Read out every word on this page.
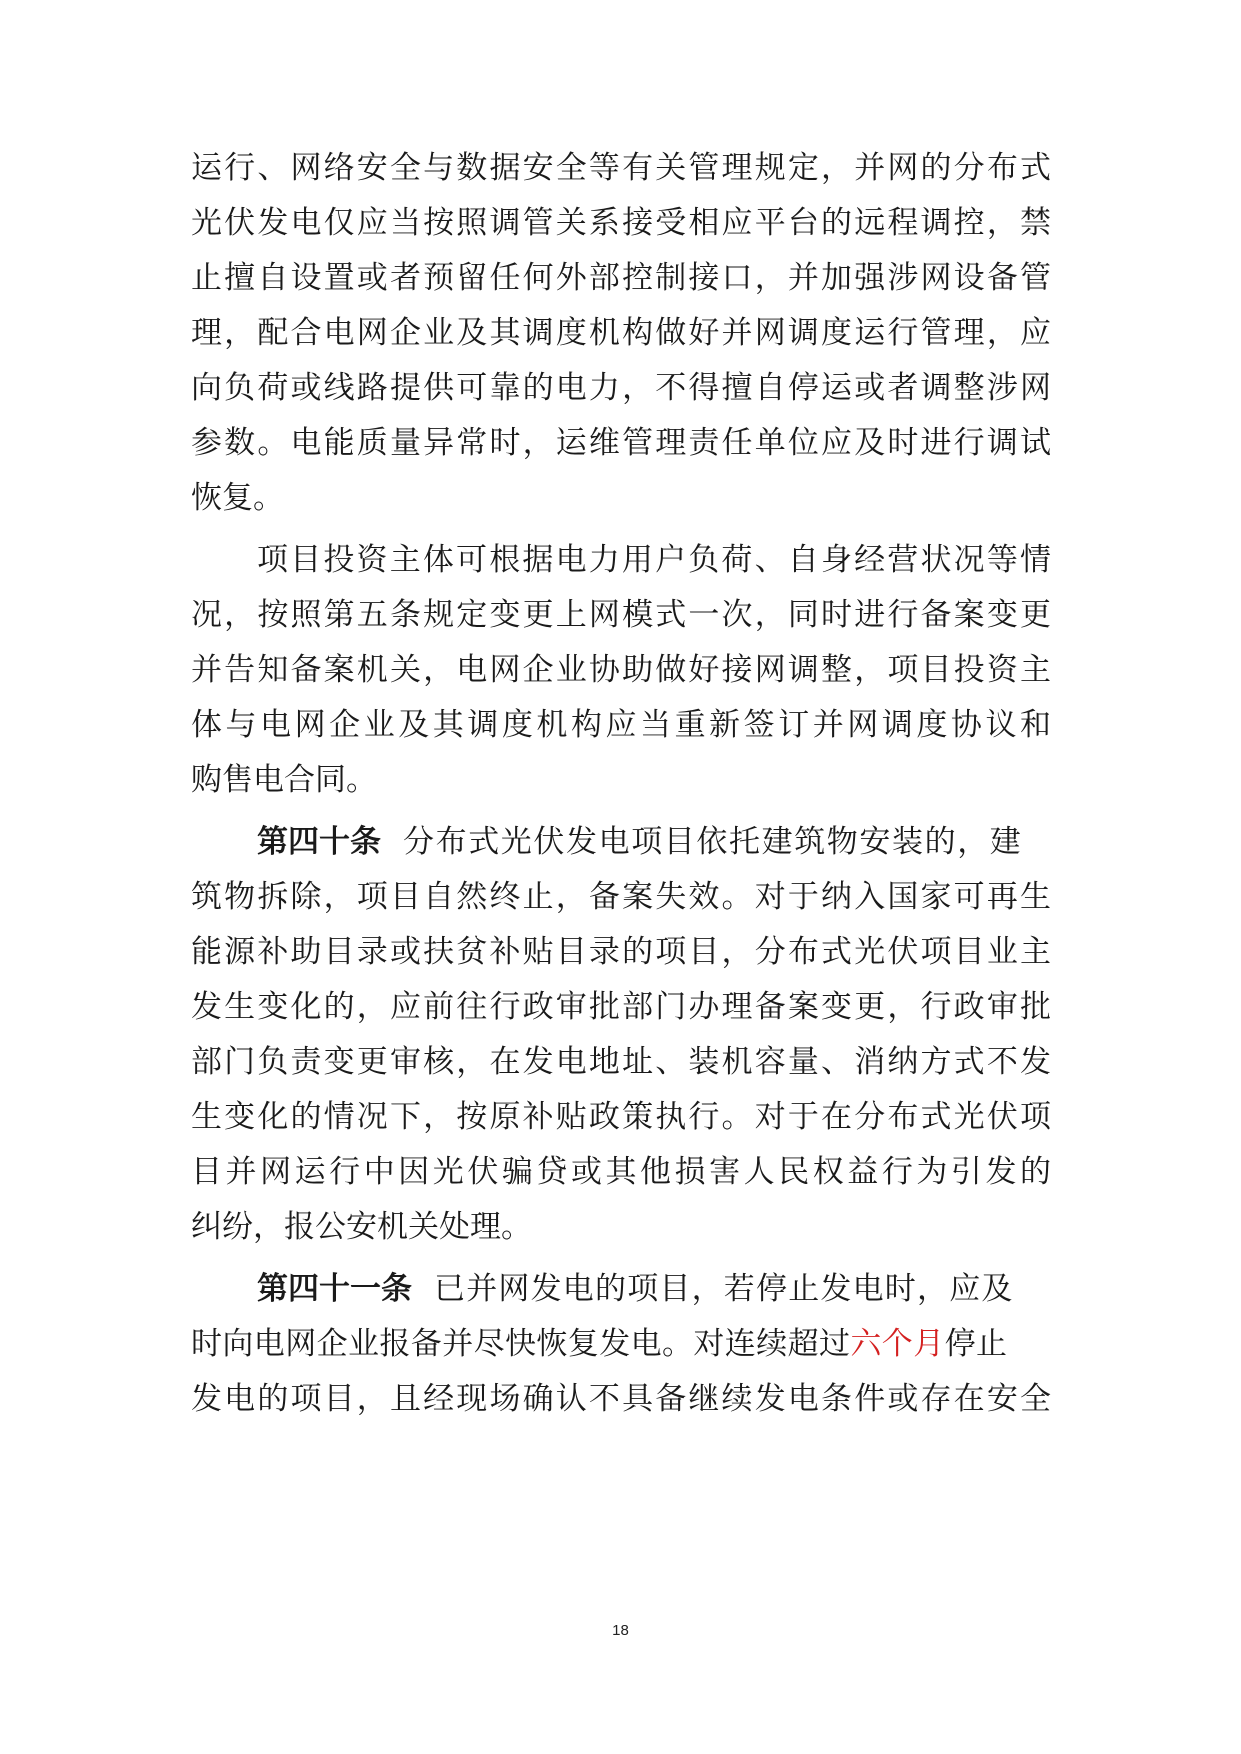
运行、网络安全与数据安全等有关管理规定，并网的分布式
光伏发电仅应当按照调管关系接受相应平台的远程调控，禁
止擅自设置或者预留任何外部控制接口，并加强涉网设备管
理，配合电网企业及其调度机构做好并网调度运行管理，应
向负荷或线路提供可靠的电力，不得擅自停运或者调整涉网
参数。电能质量异常时，运维管理责任单位应及时进行调试
恢复。
项目投资主体可根据电力用户负荷、自身经营状况等情
况，按照第五条规定变更上网模式一次，同时进行备案变更
并告知备案机关，电网企业协助做好接网调整，项目投资主
体与电网企业及其调度机构应当重新签订并网调度协议和
购售电合同。
第四十条 分布式光伏发电项目依托建筑物安装的，建
筑物拆除，项目自然终止，备案失效。对于纳入国家可再生
能源补助目录或扶贫补贴目录的项目，分布式光伏项目业主
发生变化的，应前往行政审批部门办理备案变更，行政审批
部门负责变更审核，在发电地址、装机容量、消纳方式不发
生变化的情况下，按原补贴政策执行。对于在分布式光伏项
目并网运行中因光伏骗贷或其他损害人民权益行为引发的
纠纷，报公安机关处理。
第四十一条 已并网发电的项目，若停止发电时，应及
时向电网企业报备并尽快恢复发电。对连续超过六个月停止
发电的项目，且经现场确认不具备继续发电条件或存在安全
18
